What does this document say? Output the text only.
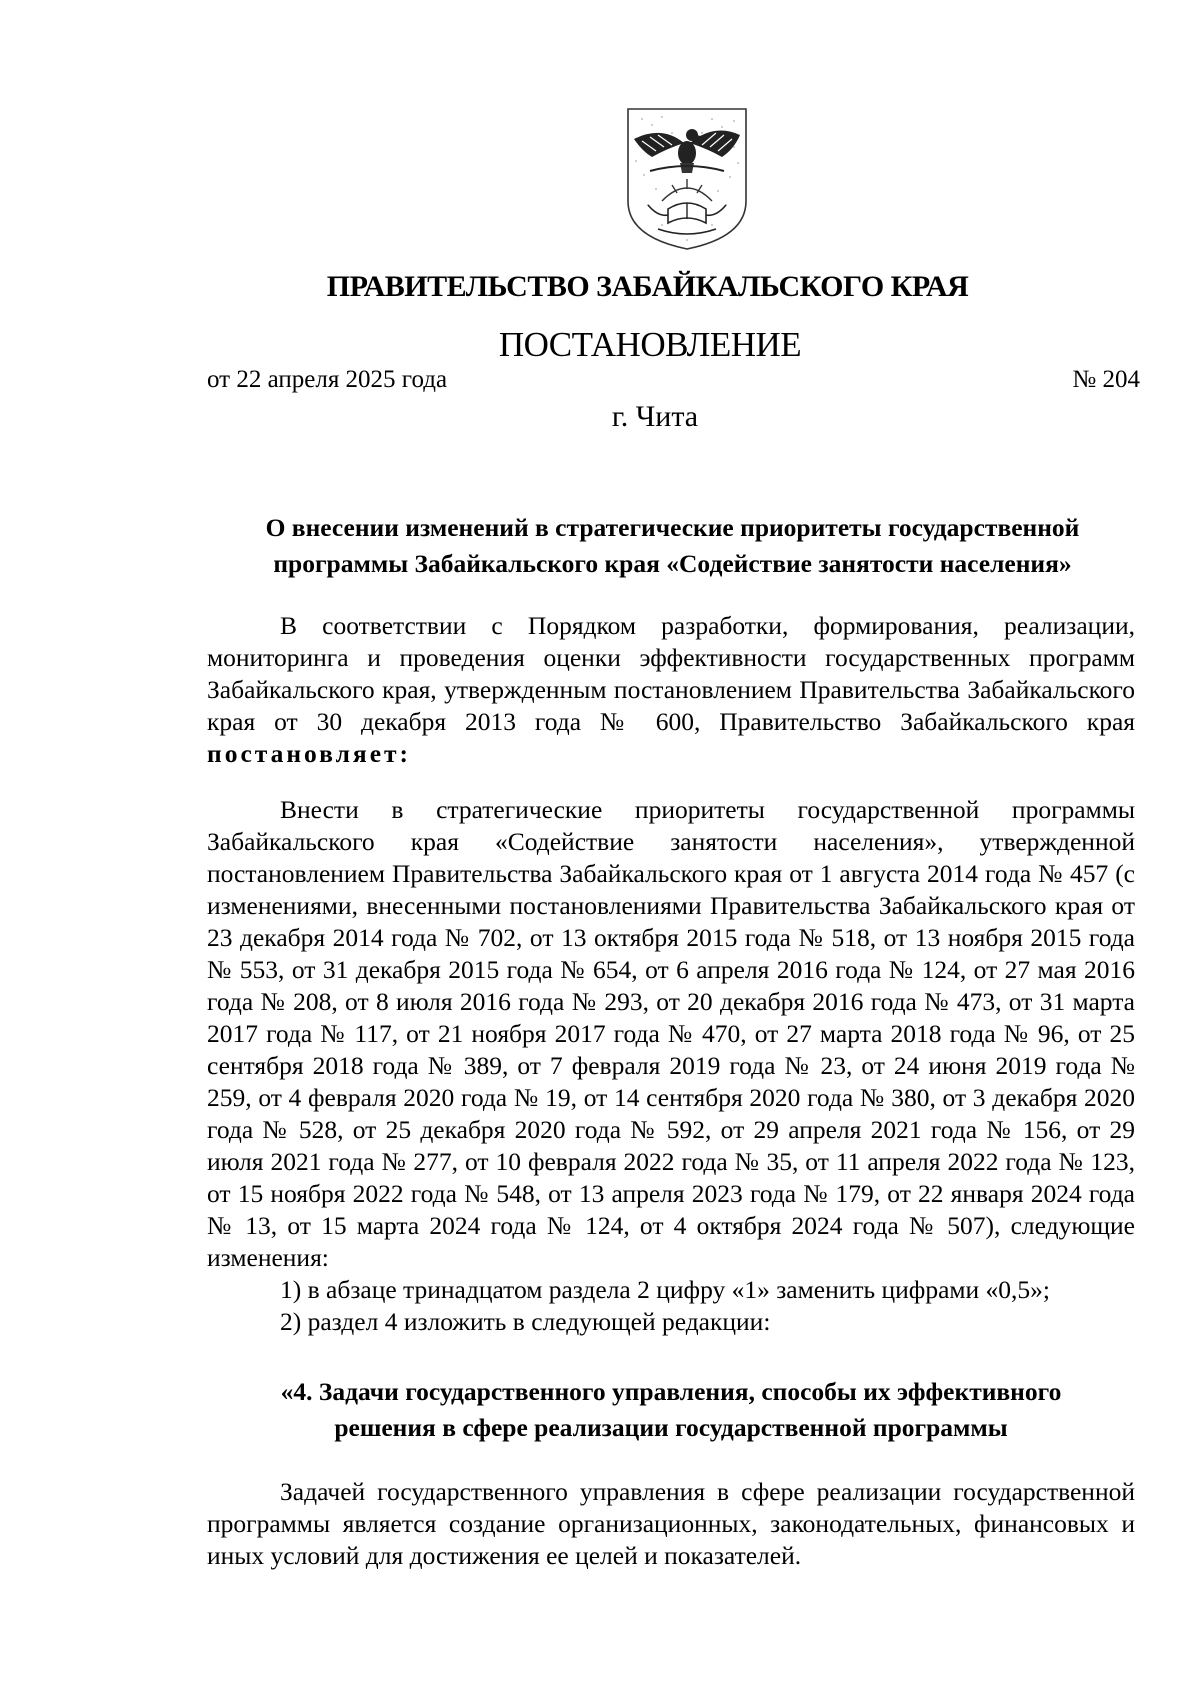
ПРАВИТЕЛЬСТВО ЗАБАЙКАЛЬСКОГО КРАЯ
ПОСТАНОВЛЕНИЕ
от 22 апреля 2025 года	№ 204
г. Чита
О внесении изменений в стратегические приоритеты государственной
программы Забайкальского края «Содействие занятости населения»

В соответствии с Порядком разработки, формирования, реализации, мониторинга и проведения оценки эффективности государственных программ Забайкальского края, утвержденным постановлением Правительства Забайкальского края от 30 декабря 2013 года № 600, Правительство Забайкальского края постановляет:

Внести в стратегические приоритеты государственной программы Забайкальского края «Содействие занятости населения», утвержденной постановлением Правительства Забайкальского края от 1 августа 2014 года № 457 (с изменениями, внесенными постановлениями Правительства Забайкальского края от 23 декабря 2014 года № 702, от 13 октября 2015 года № 518, от 13 ноября 2015 года № 553, от 31 декабря 2015 года № 654, от 6 апреля 2016 года № 124, от 27 мая 2016 года № 208, от 8 июля 2016 года № 293, от 20 декабря 2016 года № 473, от 31 марта 2017 года № 117, от 21 ноября 2017 года № 470, от 27 марта 2018 года № 96, от 25 сентября 2018 года № 389, от 7 февраля 2019 года № 23, от 24 июня 2019 года № 259, от 4 февраля 2020 года № 19, от 14 сентября 2020 года № 380, от 3 декабря 2020 года № 528, от 25 декабря 2020 года № 592, от 29 апреля 2021 года № 156, от 29 июля 2021 года № 277, от 10 февраля 2022 года № 35, от 11 апреля 2022 года № 123, от 15 ноября 2022 года № 548, от 13 апреля 2023 года № 179, от 22 января 2024 года № 13, от 15 марта 2024 года № 124, от 4 октября 2024 года № 507), следующие изменения:

1) в абзаце тринадцатом раздела 2 цифру «1» заменить цифрами «0,5»;

2) раздел 4 изложить в следующей редакции:

«4. Задачи государственного управления, способы их эффективного
решения в сфере реализации государственной программы

Задачей государственного управления в сфере реализации государственной программы является создание организационных, законодательных, финансовых и иных условий для достижения ее целей и показателей.
